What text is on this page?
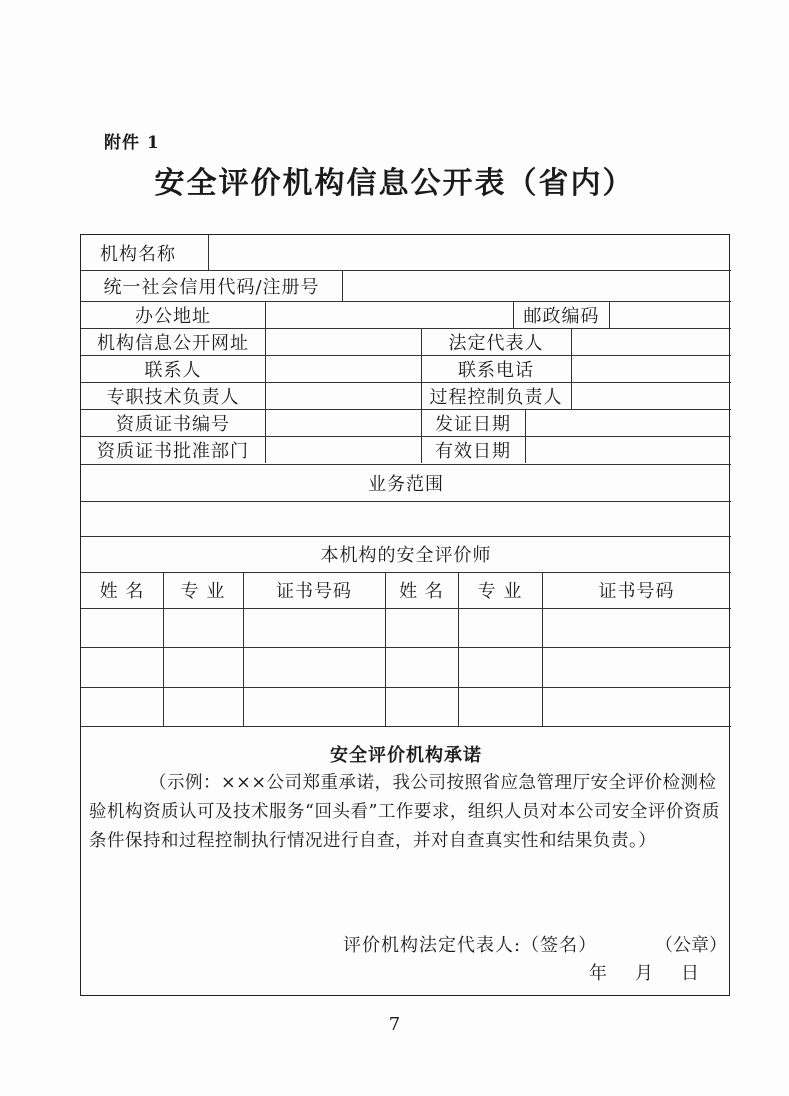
附件 1
安全评价机构信息公开表（省内）
机构名称
统一社会信用代码/注册号
办公地址	邮政编码
机构信息公开网址	法定代表人
联系人	联系电话
专职技术负责人	过程控制负责人
资质证书编号	发证日期
资质证书批准部门	有效日期
业务范围
本机构的安全评价师
姓 名	专 业	证书号码	姓 名	专 业	证书号码
安全评价机构承诺
（示例：×××公司郑重承诺，我公司按照省应急管理厅安全评价检测检验机构资质认可及技术服务“回头看”工作要求，组织人员对本公司安全评价资质条件保持和过程控制执行情况进行自查，并对自查真实性和结果负责。）
评价机构法定代表人:（签名）	（公章）
年 月 日
7
